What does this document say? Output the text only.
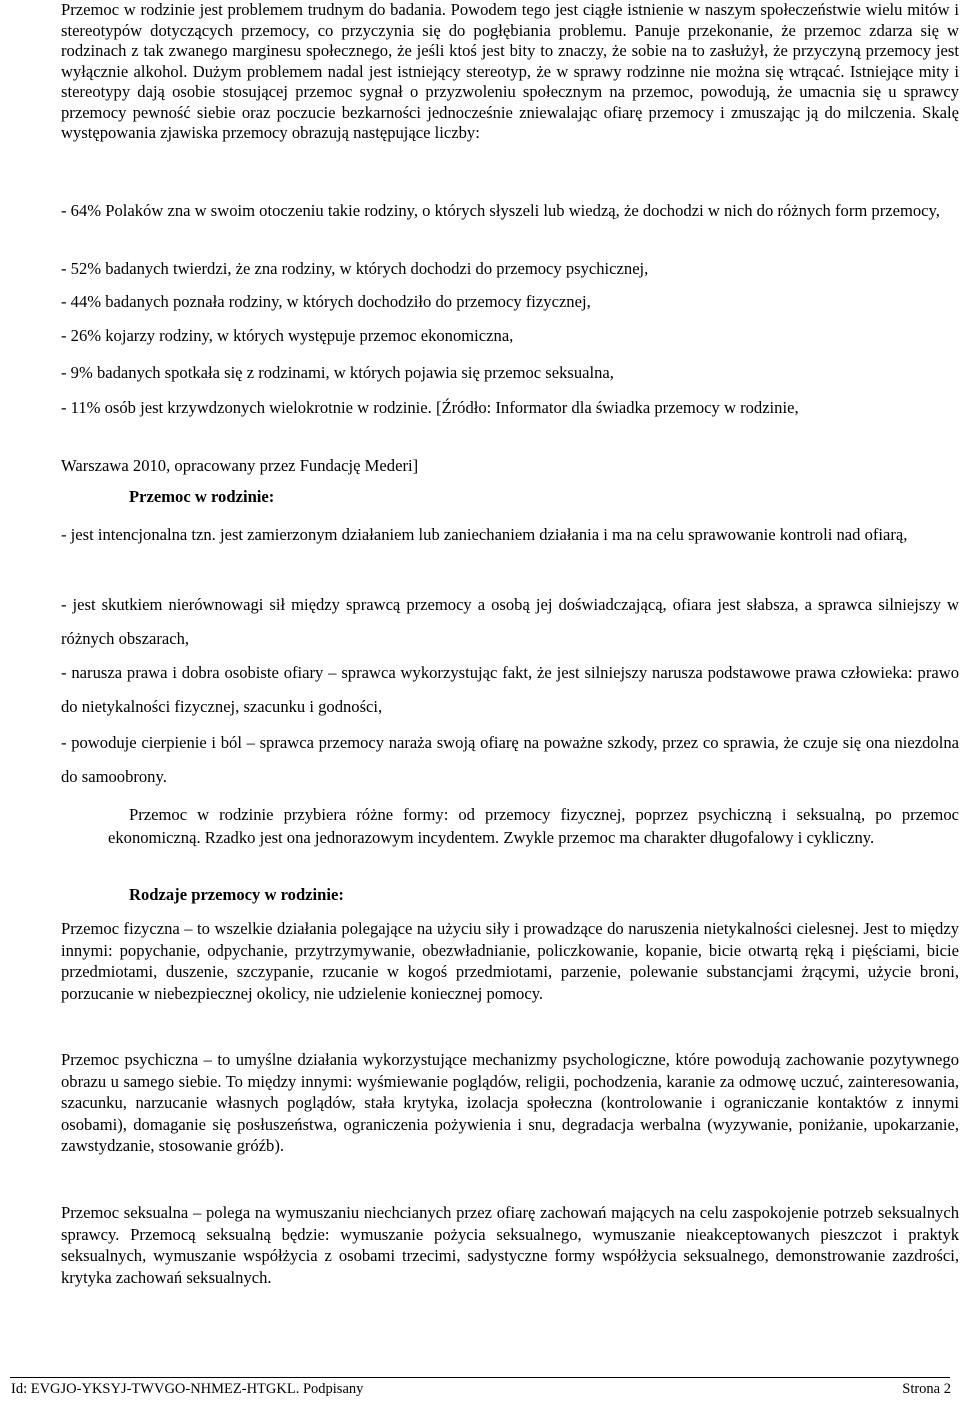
Przemoc w rodzinie jest problemem trudnym do badania. Powodem tego jest ciągłe istnienie w naszym społeczeństwie wielu mitów i stereotypów dotyczących przemocy, co przyczynia się do pogłębiania problemu. Panuje przekonanie, że przemoc zdarza się w rodzinach z tak zwanego marginesu społecznego, że jeśli ktoś jest bity to znaczy, że sobie na to zasłużył, że przyczyną przemocy jest wyłącznie alkohol. Dużym problemem nadal jest istniejący stereotyp, że w sprawy rodzinne nie można się wtrącać. Istniejące mity i stereotypy dają osobie stosującej przemoc sygnał o przyzwoleniu społecznym na przemoc, powodują, że umacnia się u sprawcy przemocy pewność siebie oraz poczucie bezkarności jednocześnie zniewalając ofiarę przemocy i zmuszając ją do milczenia. Skalę występowania zjawiska przemocy obrazują następujące liczby:

- 64% Polaków zna w swoim otoczeniu takie rodziny, o których słyszeli lub wiedzą, że dochodzi w nich do różnych form przemocy,

- 52% badanych twierdzi, że zna rodziny, w których dochodzi do przemocy psychicznej,

- 44% badanych poznała rodziny, w których dochodziło do przemocy fizycznej,

- 26% kojarzy rodziny, w których występuje przemoc ekonomiczna,

- 9% badanych spotkała się z rodzinami, w których pojawia się przemoc seksualna,

- 11% osób jest krzywdzonych wielokrotnie w rodzinie. [Źródło: Informator dla świadka przemocy w rodzinie,

Warszawa 2010, opracowany przez Fundację Mederi]

Przemoc w rodzinie:

- jest intencjonalna tzn. jest zamierzonym działaniem lub zaniechaniem działania i ma na celu sprawowanie kontroli nad ofiarą,

- jest skutkiem nierównowagi sił między sprawcą przemocy a osobą jej doświadczającą, ofiara jest słabsza, a sprawca silniejszy w różnych obszarach,

- narusza prawa i dobra osobiste ofiary – sprawca wykorzystując fakt, że jest silniejszy narusza podstawowe prawa człowieka: prawo do nietykalności fizycznej, szacunku i godności,

- powoduje cierpienie i ból – sprawca przemocy naraża swoją ofiarę na poważne szkody, przez co sprawia, że czuje się ona niezdolna do samoobrony.

Przemoc w rodzinie przybiera różne formy: od przemocy fizycznej, poprzez psychiczną i seksualną, po przemoc ekonomiczną. Rzadko jest ona jednorazowym incydentem. Zwykle przemoc ma charakter długofalowy i cykliczny.

Rodzaje przemocy w rodzinie:

Przemoc fizyczna – to wszelkie działania polegające na użyciu siły i prowadzące do naruszenia nietykalności cielesnej. Jest to między innymi: popychanie, odpychanie, przytrzymywanie, obezwładnianie, policzkowanie, kopanie, bicie otwartą ręką i pięściami, bicie przedmiotami, duszenie, szczypanie, rzucanie w kogoś przedmiotami, parzenie, polewanie substancjami żrącymi, użycie broni, porzucanie w niebezpiecznej okolicy, nie udzielenie koniecznej pomocy.

Przemoc psychiczna – to umyślne działania wykorzystujące mechanizmy psychologiczne, które powodują zachowanie pozytywnego obrazu u samego siebie. To między innymi: wyśmiewanie poglądów, religii, pochodzenia, karanie za odmowę uczuć, zainteresowania, szacunku, narzucanie własnych poglądów, stała krytyka, izolacja społeczna (kontrolowanie i ograniczanie kontaktów z innymi osobami), domaganie się posłuszeństwa, ograniczenia pożywienia i snu, degradacja werbalna (wyzywanie, poniżanie, upokarzanie, zawstydzanie, stosowanie gróźb).

Przemoc seksualna – polega na wymuszaniu niechcianych przez ofiarę zachowań mających na celu zaspokojenie potrzeb seksualnych sprawcy. Przemocą seksualną będzie: wymuszanie pożycia seksualnego, wymuszanie nieakceptowanych pieszczot i praktyk seksualnych, wymuszanie współżycia z osobami trzecimi, sadystyczne formy współżycia seksualnego, demonstrowanie zazdrości, krytyka zachowań seksualnych.

Id: EVGJO-YKSYJ-TWVGO-NHMEZ-HTGKL. Podpisany	Strona 2
